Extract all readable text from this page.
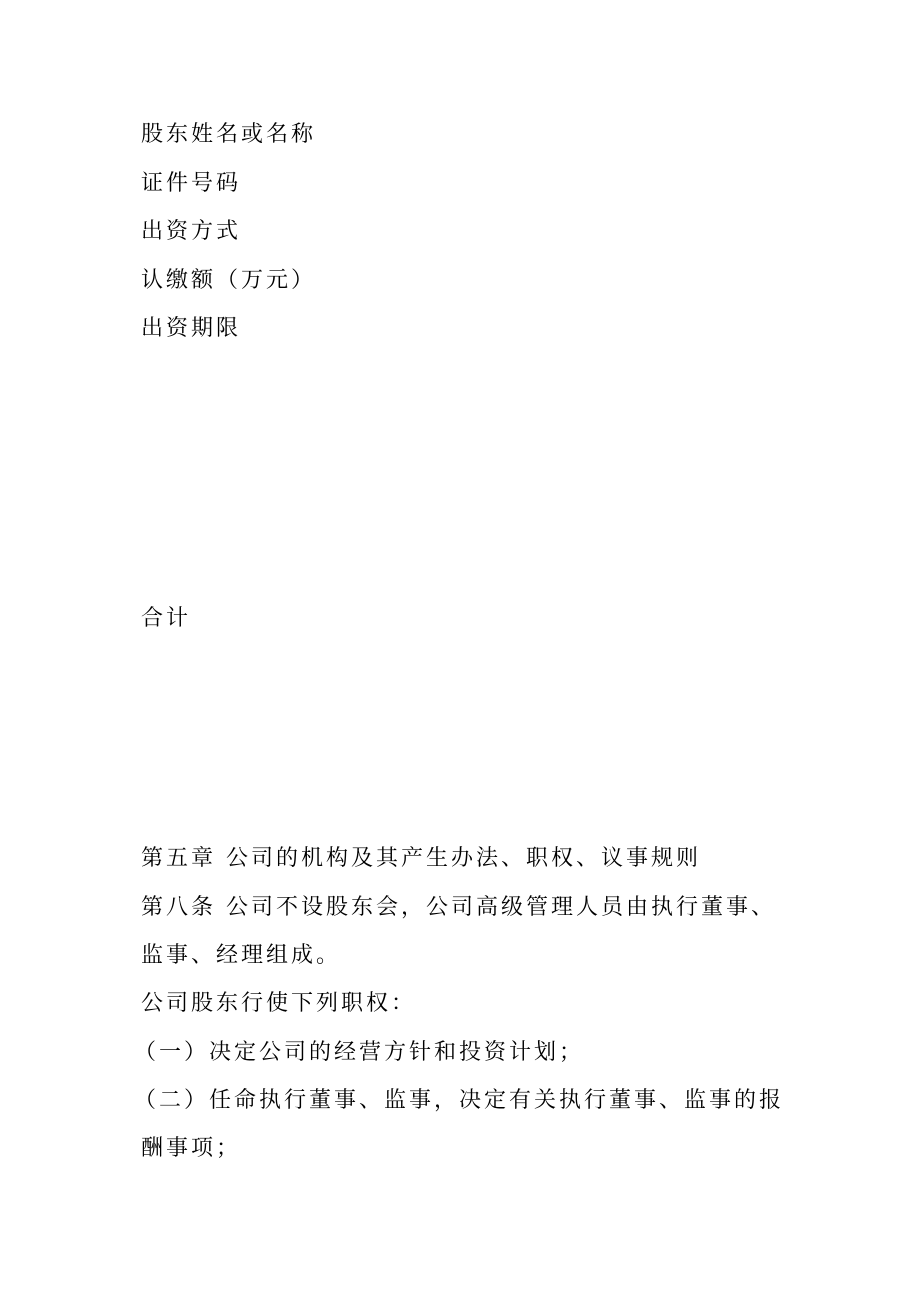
股东姓名或名称

证件号码

出资方式

认缴额（万元）

出资期限

合计

第五章 公司的机构及其产生办法、职权、议事规则

第八条 公司不设股东会，公司高级管理人员由执行董事、

监事、经理组成。

公司股东行使下列职权：

（一）决定公司的经营方针和投资计划；

（二）任命执行董事、监事，决定有关执行董事、监事的报

酬事项；
